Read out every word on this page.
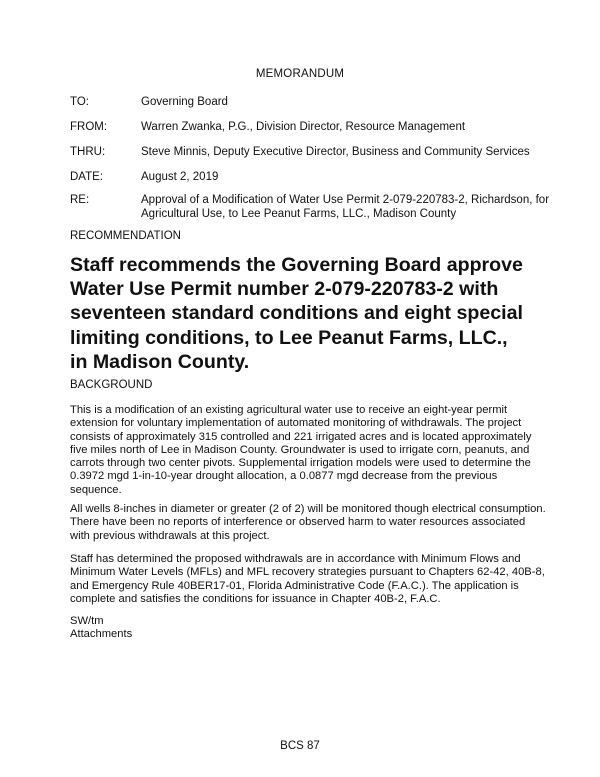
MEMORANDUM
TO:	Governing Board
FROM:	Warren Zwanka, P.G., Division Director, Resource Management
THRU:	Steve Minnis, Deputy Executive Director, Business and Community Services
DATE:	August 2, 2019
RE:	Approval of a Modification of Water Use Permit 2-079-220783-2, Richardson, for
Agricultural Use, to Lee Peanut Farms, LLC., Madison County
RECOMMENDATION
Staff recommends the Governing Board approve
Water Use Permit number 2-079-220783-2 with
seventeen standard conditions and eight special
limiting conditions, to Lee Peanut Farms, LLC.,
in Madison County.
BACKGROUND
This is a modification of an existing agricultural water use to receive an eight-year permit
extension for voluntary implementation of automated monitoring of withdrawals. The project
consists of approximately 315 controlled and 221 irrigated acres and is located approximately
five miles north of Lee in Madison County. Groundwater is used to irrigate corn, peanuts, and
carrots through two center pivots. Supplemental irrigation models were used to determine the
0.3972 mgd 1-in-10-year drought allocation, a 0.0877 mgd decrease from the previous
sequence.
All wells 8-inches in diameter or greater (2 of 2) will be monitored though electrical consumption.
There have been no reports of interference or observed harm to water resources associated
with previous withdrawals at this project.
Staff has determined the proposed withdrawals are in accordance with Minimum Flows and
Minimum Water Levels (MFLs) and MFL recovery strategies pursuant to Chapters 62-42, 40B-8,
and Emergency Rule 40BER17-01, Florida Administrative Code (F.A.C.). The application is
complete and satisfies the conditions for issuance in Chapter 40B-2, F.A.C.
SW/tm
Attachments
BCS 87
